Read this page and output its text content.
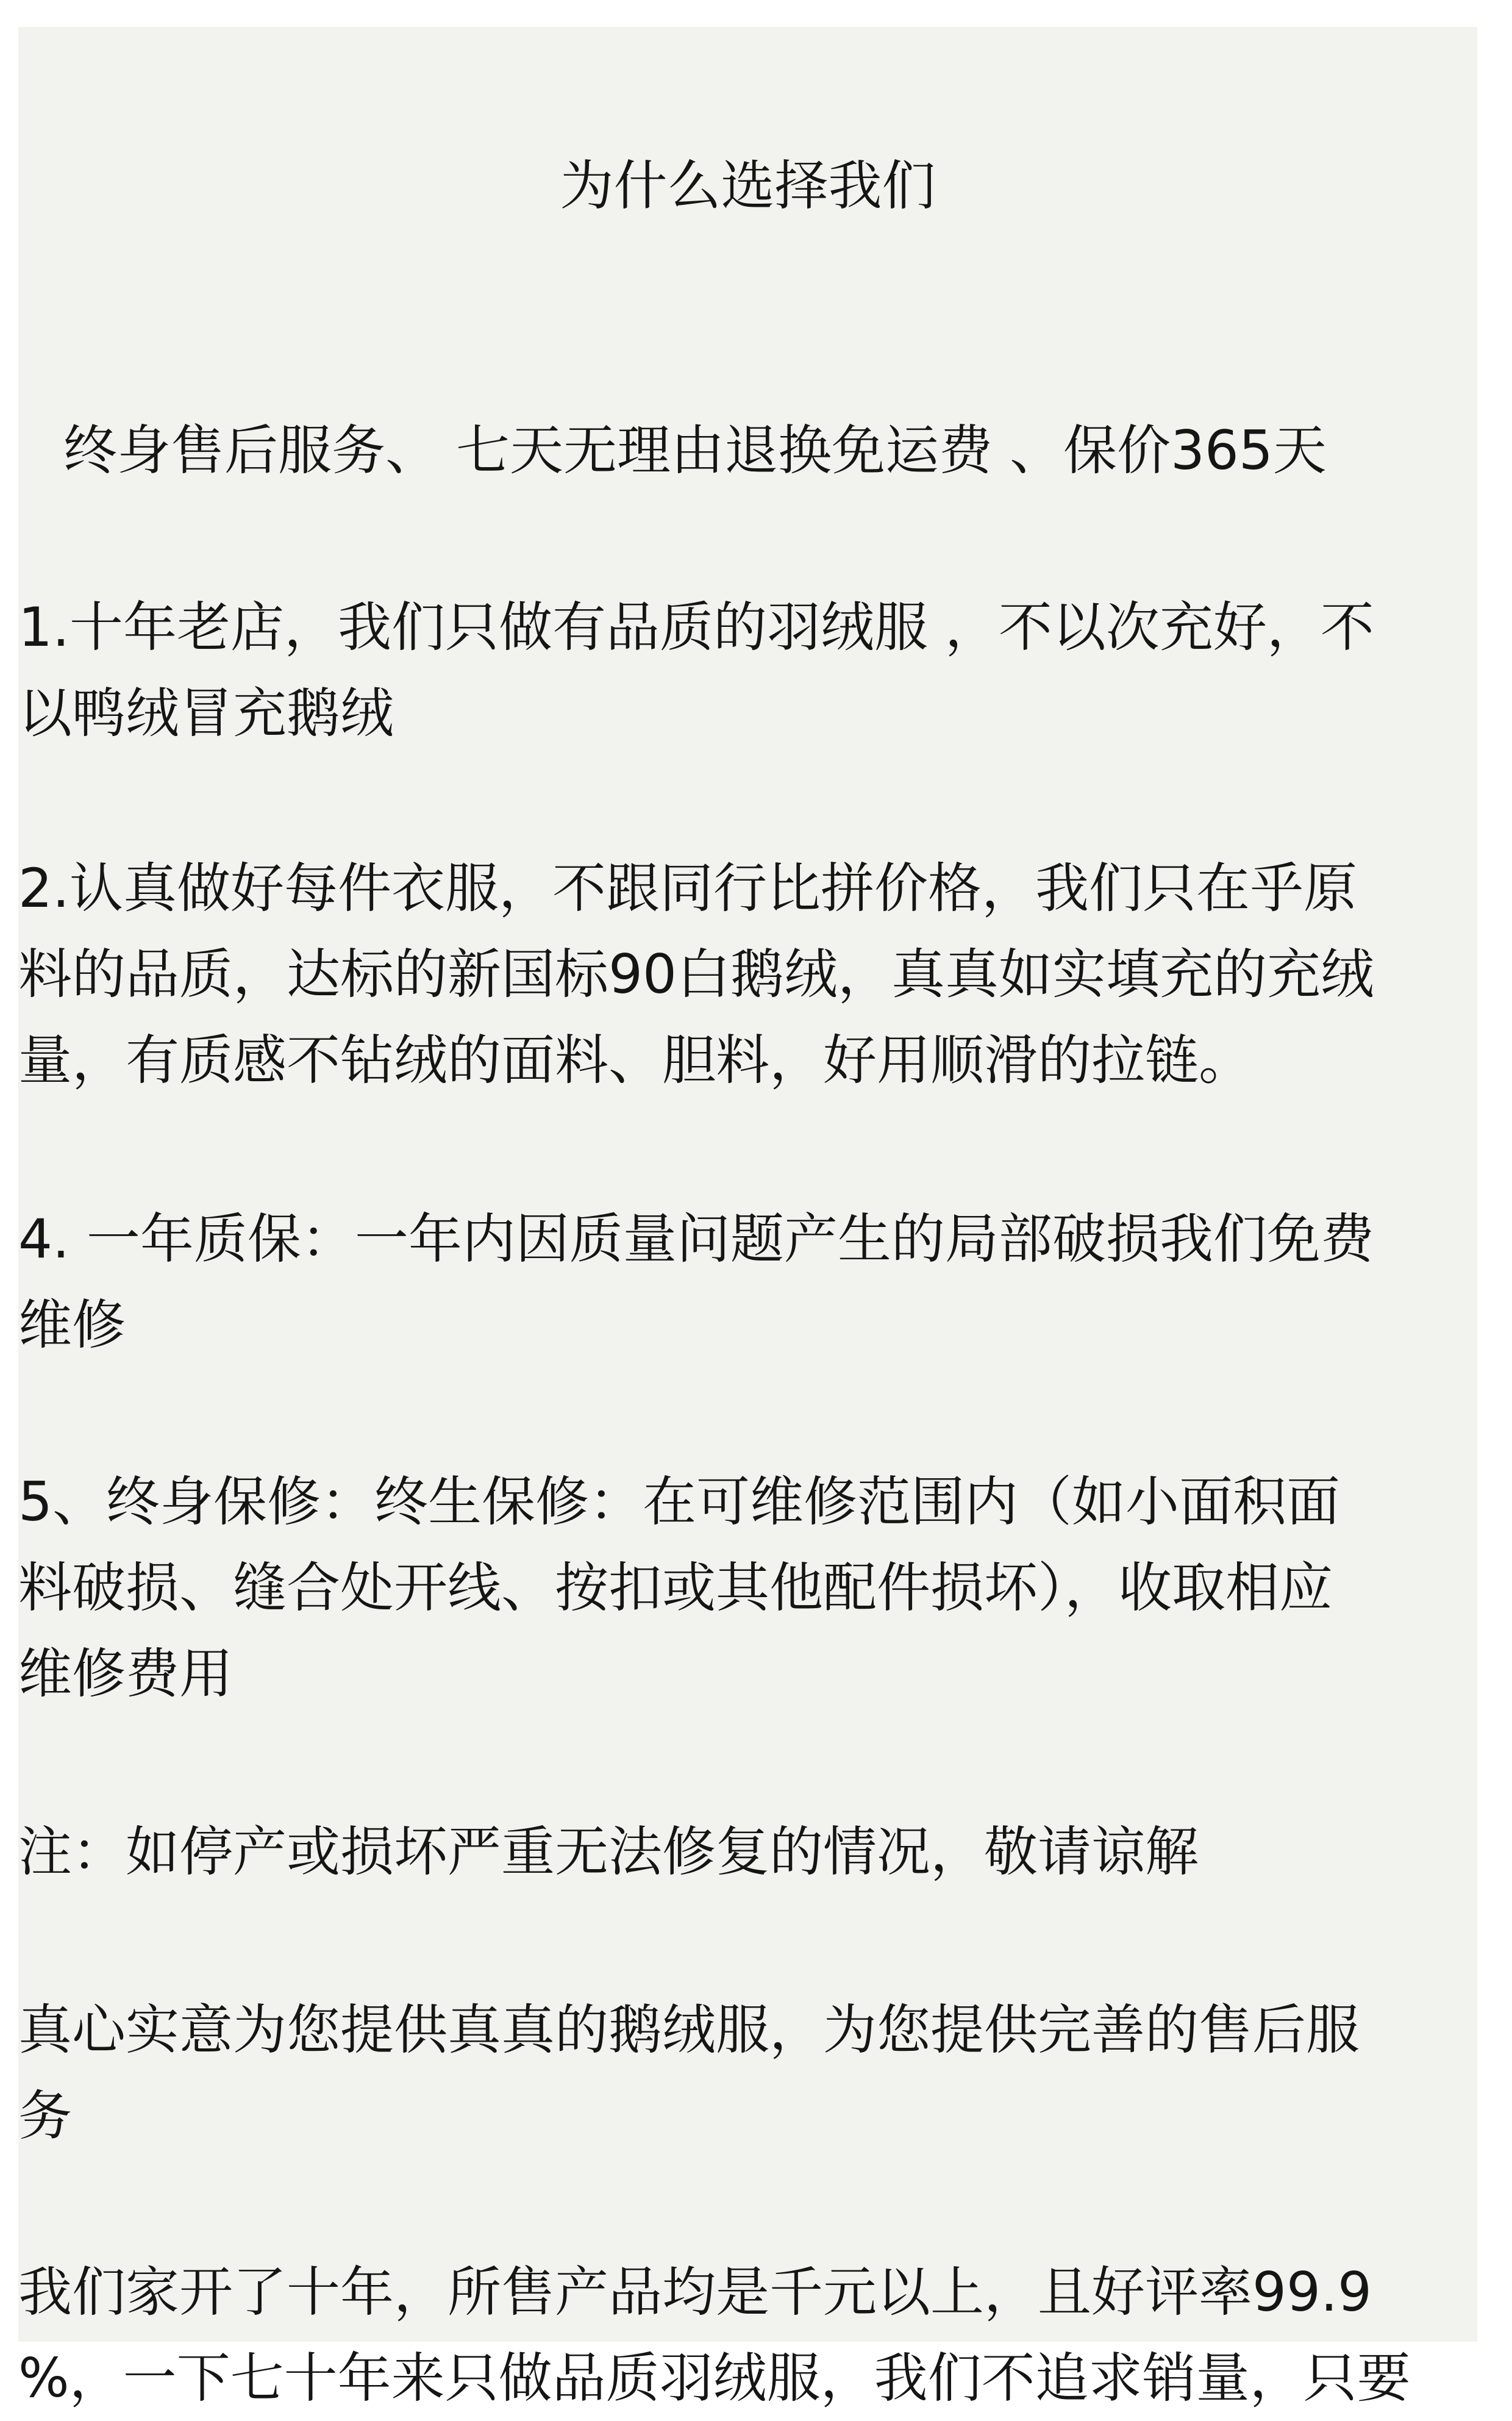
为什么选择我们
终身售后服务、 七天无理由退换免运费 、保价365天
1.十年老店，我们只做有品质的羽绒服 ，不以次充好，不
以鸭绒冒充鹅绒
2.认真做好每件衣服，不跟同行比拼价格，我们只在乎原
料的品质，达标的新国标90白鹅绒，真真如实填充的充绒
量，有质感不钻绒的面料、胆料，好用顺滑的拉链。
4. 一年质保：一年内因质量问题产生的局部破损我们免费
维修
5、终身保修：终生保修：在可维修范围内（如小面积面
料破损、缝合处开线、按扣或其他配件损坏），收取相应
维修费用
注：如停产或损坏严重无法修复的情况，敬请谅解
真心实意为您提供真真的鹅绒服，为您提供完善的售后服
务
我们家开了十年，所售产品均是千元以上，且好评率99.9
%，一下七十年来只做品质羽绒服，我们不追求销量，只要
